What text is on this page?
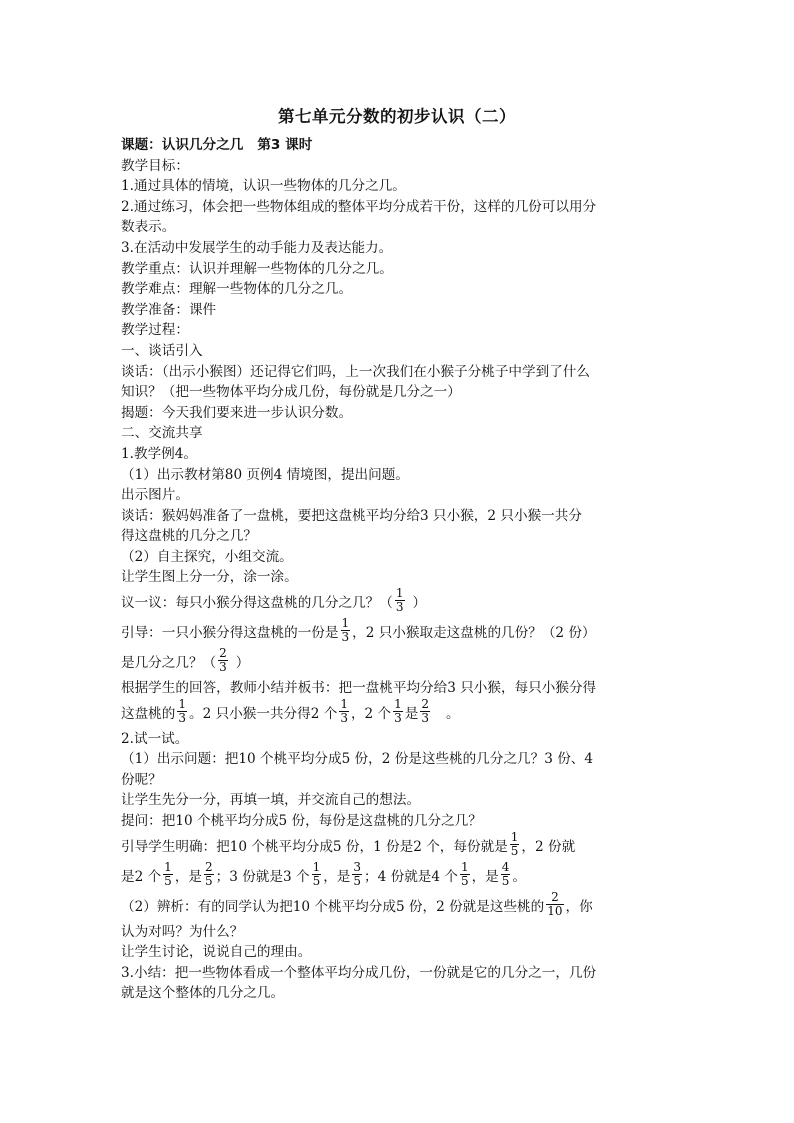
第七单元分数的初步认识（二）
课题：认识几分之几 第3 课时
教学目标：
1.通过具体的情境，认识一些物体的几分之几。
2.通过练习，体会把一些物体组成的整体平均分成若干份，这样的几份可以用分
数表示。
3.在活动中发展学生的动手能力及表达能力。
教学重点：认识并理解一些物体的几分之几。
教学难点：理解一些物体的几分之几。
教学准备：课件
教学过程：
一、谈话引入
谈话：（出示小猴图）还记得它们吗，上一次我们在小猴子分桃子中学到了什么
知识？（把一些物体平均分成几份，每份就是几分之一）
揭题：今天我们要来进一步认识分数。
二、交流共享
1.教学例4。
（1）出示教材第80 页例4 情境图，提出问题。
出示图片。
谈话：猴妈妈准备了一盘桃，要把这盘桃平均分给3 只小猴，2 只小猴一共分
得这盘桃的几分之几？
（2）自主探究，小组交流。
让学生图上分一分，涂一涂。
议一议：每只小猴分得这盘桃的几分之几？（ $\frac{1}{3}$ ）
引导：一只小猴分得这盘桃的一份是 $\frac{1}{3}$ ，2 只小猴取走这盘桃的几份？（2 份）
是几分之几？（ $\frac{2}{3}$ ）
根据学生的回答，教师小结并板书：把一盘桃平均分给3 只小猴，每只小猴分得
这盘桃的 $\frac{1}{3}$ 。2 只小猴一共分得2 个 $\frac{1}{3}$ ，2 个 $\frac{1}{3}$ 是 $\frac{2}{3}$ 。
2.试一试。
（1）出示问题：把10 个桃平均分成5 份，2 份是这些桃的几分之几？3 份、4
份呢？
让学生先分一分，再填一填，并交流自己的想法。
提问：把10 个桃平均分成5 份，每份是这盘桃的几分之几？
引导学生明确：把10 个桃平均分成5 份，1 份是2 个，每份就是 $\frac{1}{5}$ ，2 份就
是2 个 $\frac{1}{5}$ ，是 $\frac{2}{5}$ ；3 份就是3 个 $\frac{1}{5}$ ，是 $\frac{3}{5}$ ；4 份就是4 个 $\frac{1}{5}$ ，是 $\frac{4}{5}$ 。
（2）辨析：有的同学认为把10 个桃平均分成5 份，2 份就是这些桃的 $\frac{2}{10}$ ，你
认为对吗？为什么？
让学生讨论，说说自己的理由。
3.小结：把一些物体看成一个整体平均分成几份，一份就是它的几分之一，几份
就是这个整体的几分之几。
